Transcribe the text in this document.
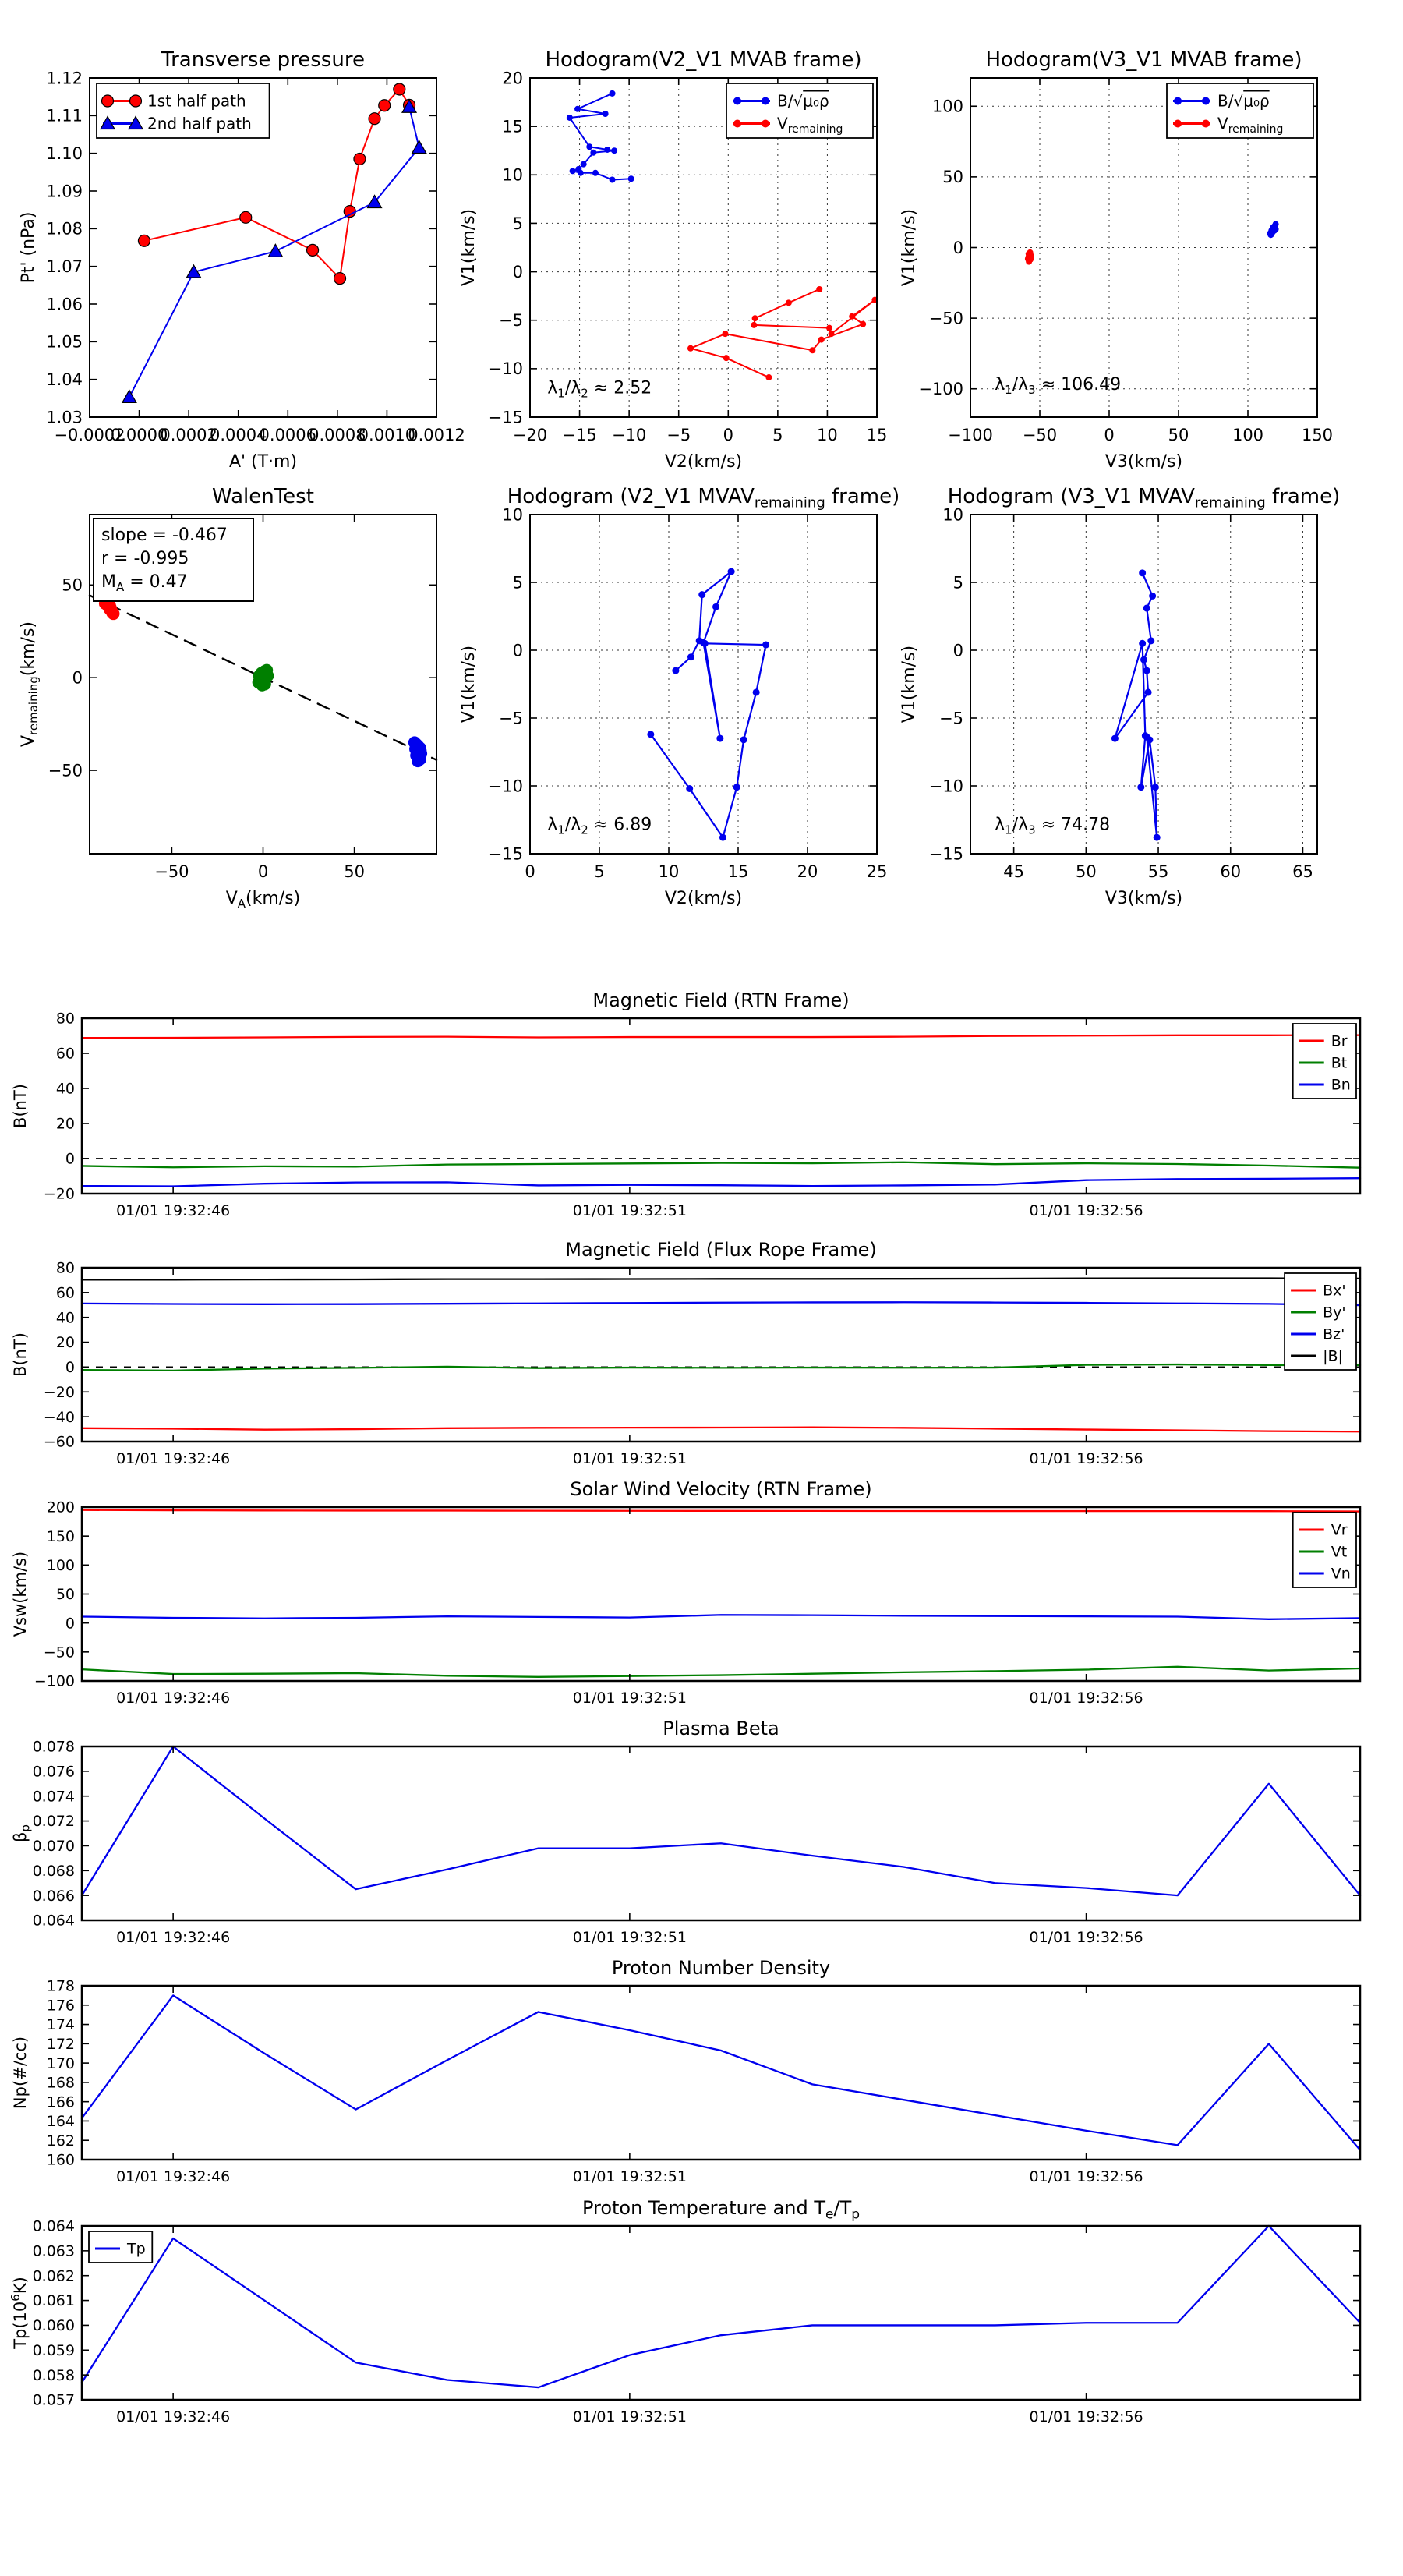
−0.0002
0.0000
0.0002
0.0004
0.0006
0.0008
0.0010
0.0012
1.03
1.04
1.05
1.06
1.07
1.08
1.09
1.10
1.11
1.12
Transverse pressure
A' (T·m)
Pt' (nPa)
1st half path
2nd half path
−20 −15 −10 −5 0 5 10 15
−15
−10
−5
0
5
10
15
20
Hodogram(V2_V1 MVAB frame)
V2(km/s)
V1(km/s)
$\lambda_1/\lambda_2 \approx 2.52$
B/√μ₀ρ
$V_{remaining}$
−100 −50	0	50	100 150
−100
−50
0
50
100
Hodogram(V3_V1 MVAB frame)
V3(km/s)
V1(km/s)
$\lambda_1/\lambda_3 \approx 106.49$
B/√μ₀ρ
$V_{remaining}$
−50	0	50
−50
0
50
WalenTest
$V_A(km/s)$
$V_{remaining}(km/s)$
slope = -0.467
r = -0.995
$M_A = 0.47$
0	5	10	15	20	25
−15
−10
−5
0
5
10
Hodogram (V2_V1 $MVAV_{remaining}$ frame)
V2(km/s)
V1(km/s)
$\lambda_1/\lambda_2 \approx 6.89$
45	50	55	60	65
−15
−10
−5
0
5
10
Hodogram (V3_V1 $MVAV_{remaining}$ frame)
V3(km/s)
V1(km/s)
$\lambda_1/\lambda_3 \approx 74.78$
01/01 19:32:46	01/01 19:32:51	01/01 19:32:56
−20
0
20
40
60
80
Magnetic Field (RTN Frame)
B(nT)
Br
Bt
Bn
01/01 19:32:46	01/01 19:32:51	01/01 19:32:56
−60
−40
−20
0
20
40
60
80
Magnetic Field (Flux Rope Frame)
B(nT)
Bx'
By'
Bz'
|B|
01/01 19:32:46	01/01 19:32:51	01/01 19:32:56
−100
−50
0
50
100
150
200
Solar Wind Velocity (RTN Frame)
Vsw(km/s)
Vr
Vt
Vn
01/01 19:32:46	01/01 19:32:51	01/01 19:32:56
0.064
0.066
0.068
0.070
0.072
0.074
0.076
0.078
Plasma Beta
$\beta_p$
01/01 19:32:46	01/01 19:32:51	01/01 19:32:56
160
162
164
166
168
170
172
174
176
178
Proton Number Density
Np(#/cc)
01/01 19:32:46	01/01 19:32:51	01/01 19:32:56
0.057
0.058
0.059
0.060
0.061
0.062
0.063
0.064
Proton Temperature and $T_e/T_p$
$Tp(10^6K)$
Tp
